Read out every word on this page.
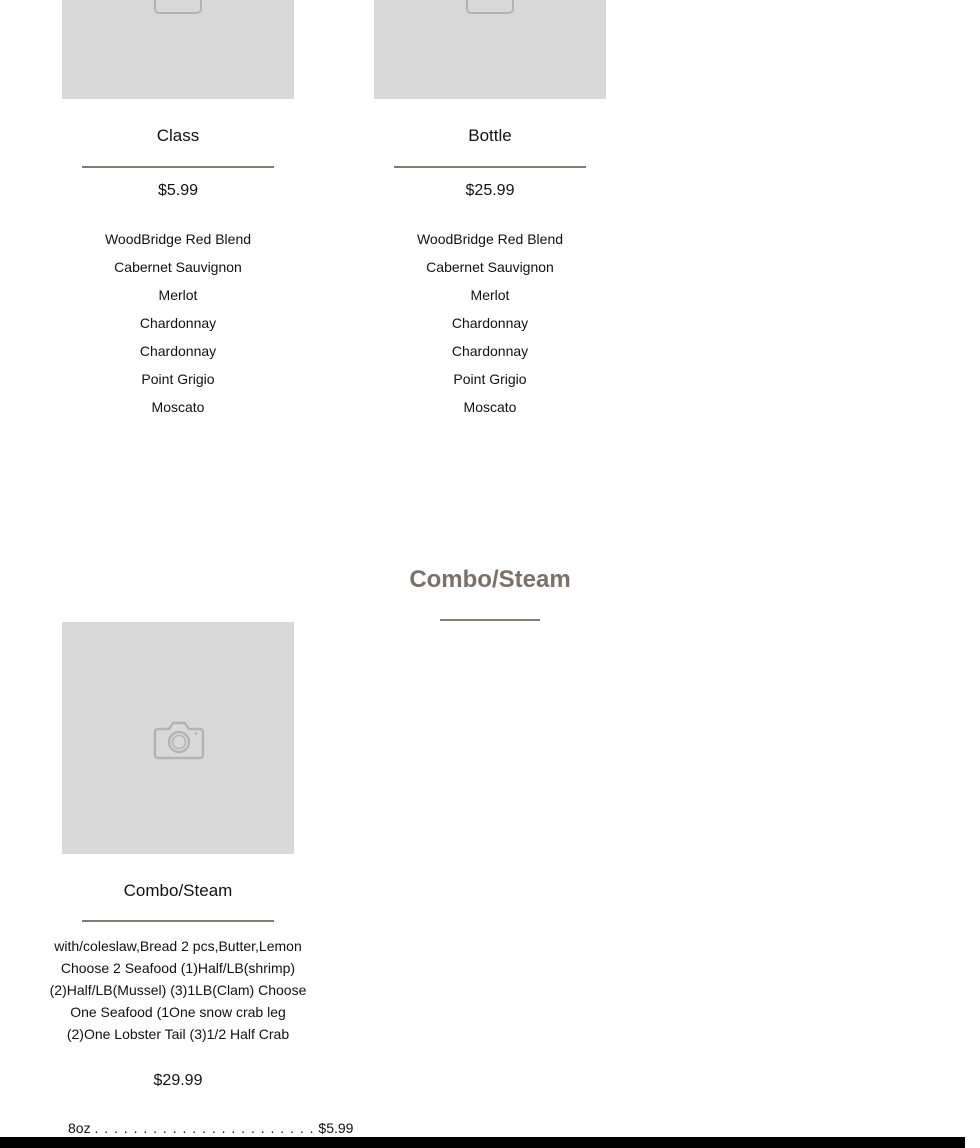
Class
$5.99
WoodBridge Red Blend
Cabernet Sauvignon
Merlot
Chardonnay
Chardonnay
Point Grigio
Moscato
Bottle
$25.99
WoodBridge Red Blend
Cabernet Sauvignon
Merlot
Chardonnay
Chardonnay
Point Grigio
Moscato
Combo/Steam
Combo/Steam
with/coleslaw,Bread 2 pcs,Butter,Lemon Choose 2 Seafood (1)Half/LB(shrimp) (2)Half/LB(Mussel) (3)1LB(Clam) Choose One Seafood (1One snow crab leg (2)One Lobster Tail (3)1/2 Half Crab
$29.99
8oz . . . . . . . . . . . . . . . . . . . . . . . $5.99
